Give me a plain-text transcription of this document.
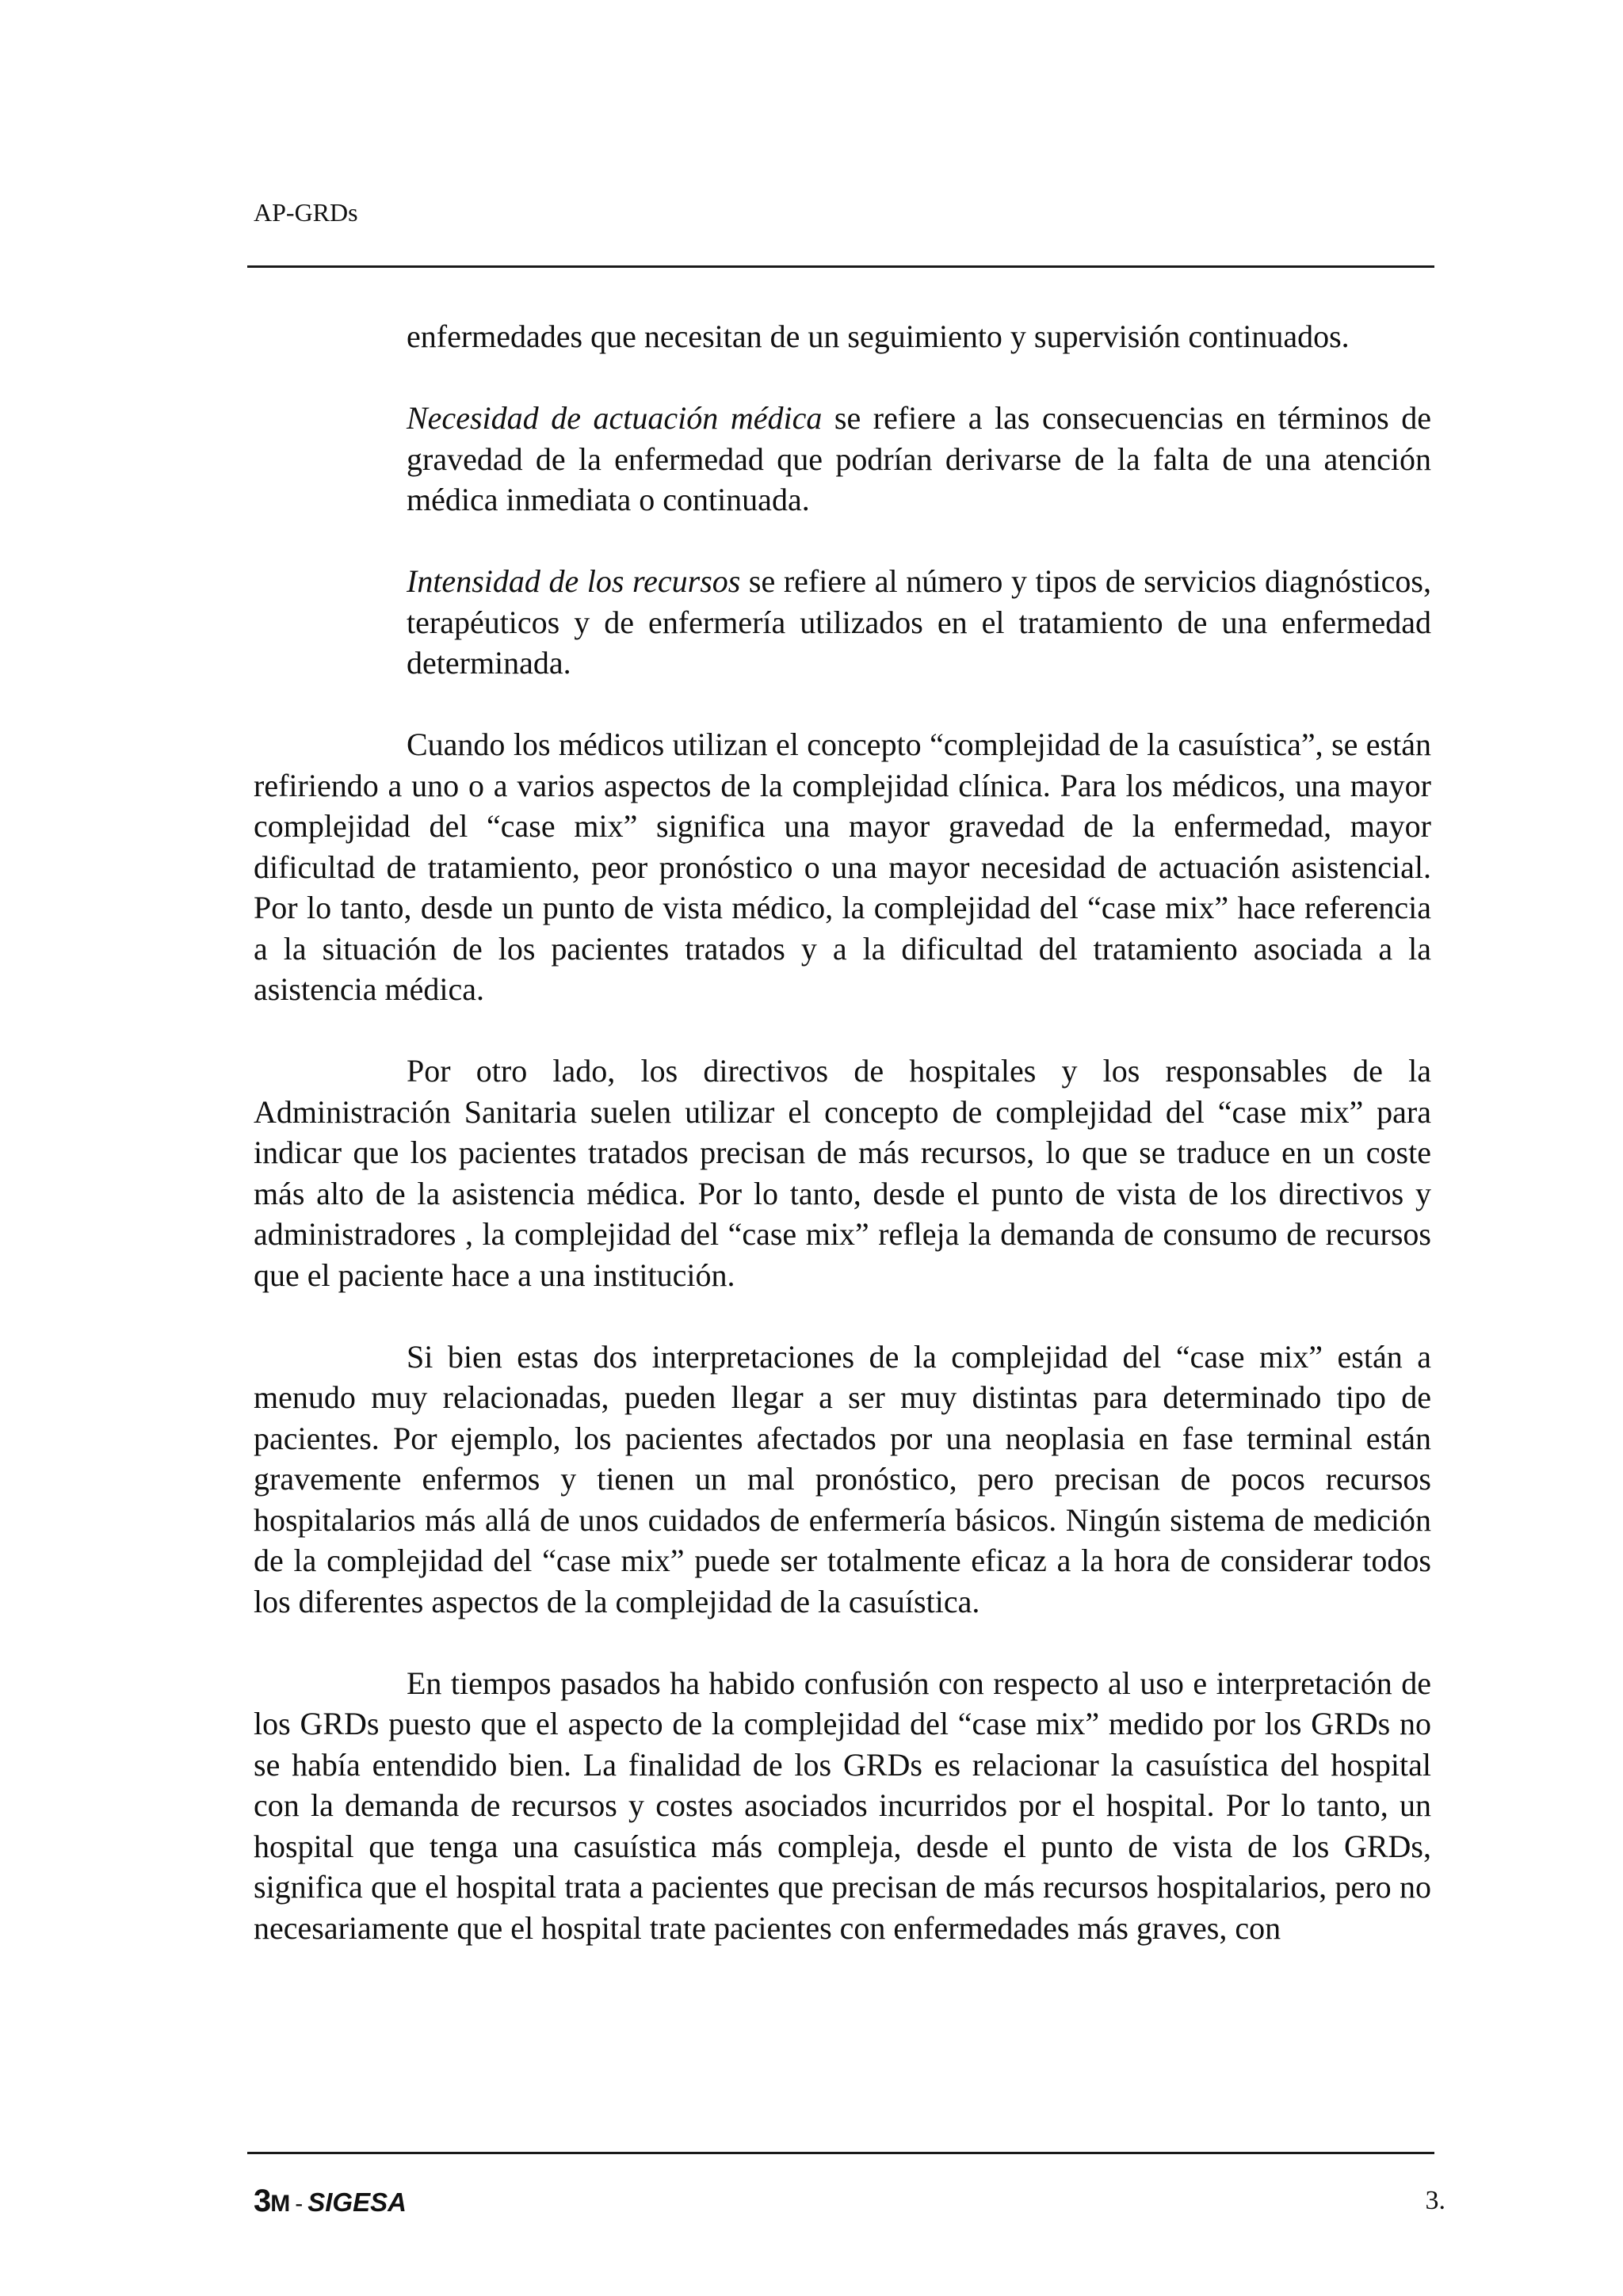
AP-GRDs

enfermedades que necesitan de un seguimiento y supervisión continuados.

Necesidad de actuación médica se refiere a las consecuencias en términos de gravedad de la enfermedad que podrían derivarse de la falta de una atención médica inmediata o continuada.

Intensidad de los recursos se refiere al número y tipos de servicios diagnósticos, terapéuticos y de enfermería utilizados en el tratamiento de una enfermedad determinada.

Cuando los médicos utilizan el concepto “complejidad de la casuística”, se están refiriendo a uno o a varios aspectos de la complejidad clínica. Para los médicos, una mayor complejidad del “case mix” significa una mayor gravedad de la enfermedad, mayor dificultad de tratamiento, peor pronóstico o una mayor necesidad de actuación asistencial. Por lo tanto, desde un punto de vista médico, la complejidad del “case mix” hace referencia a la situación de los pacientes tratados y a la dificultad del tratamiento asociada a la asistencia médica.

Por otro lado, los directivos de hospitales y los responsables de la Administración Sanitaria suelen utilizar el concepto de complejidad del “case mix” para indicar que los pacientes tratados precisan de más recursos, lo que se traduce en un coste más alto de la asistencia médica. Por lo tanto, desde el punto de vista de los directivos y administradores , la complejidad del “case mix” refleja la demanda de consumo de recursos que el paciente hace a una institución.

Si bien estas dos interpretaciones de la complejidad del “case mix” están a menudo muy relacionadas, pueden llegar a ser muy distintas para determinado tipo de pacientes. Por ejemplo, los pacientes afectados por una neoplasia en fase terminal están gravemente enfermos y tienen un mal pronóstico, pero precisan de pocos recursos hospitalarios más allá de unos cuidados de enfermería básicos. Ningún sistema de medición de la complejidad del “case mix” puede ser totalmente eficaz a la hora de considerar todos los diferentes aspectos de la complejidad de la casuística.

En tiempos pasados ha habido confusión con respecto al uso e interpretación de los GRDs puesto que el aspecto de la complejidad del “case mix” medido por los GRDs no se había entendido bien. La finalidad de los GRDs es relacionar la casuística del hospital con la demanda de recursos y costes asociados incurridos por el hospital. Por lo tanto, un hospital que tenga una casuística más compleja, desde el punto de vista de los GRDs, significa que el hospital trata a pacientes que precisan de más recursos hospitalarios, pero no necesariamente que el hospital trate pacientes con enfermedades más graves, con

3M - SIGESA	3.
